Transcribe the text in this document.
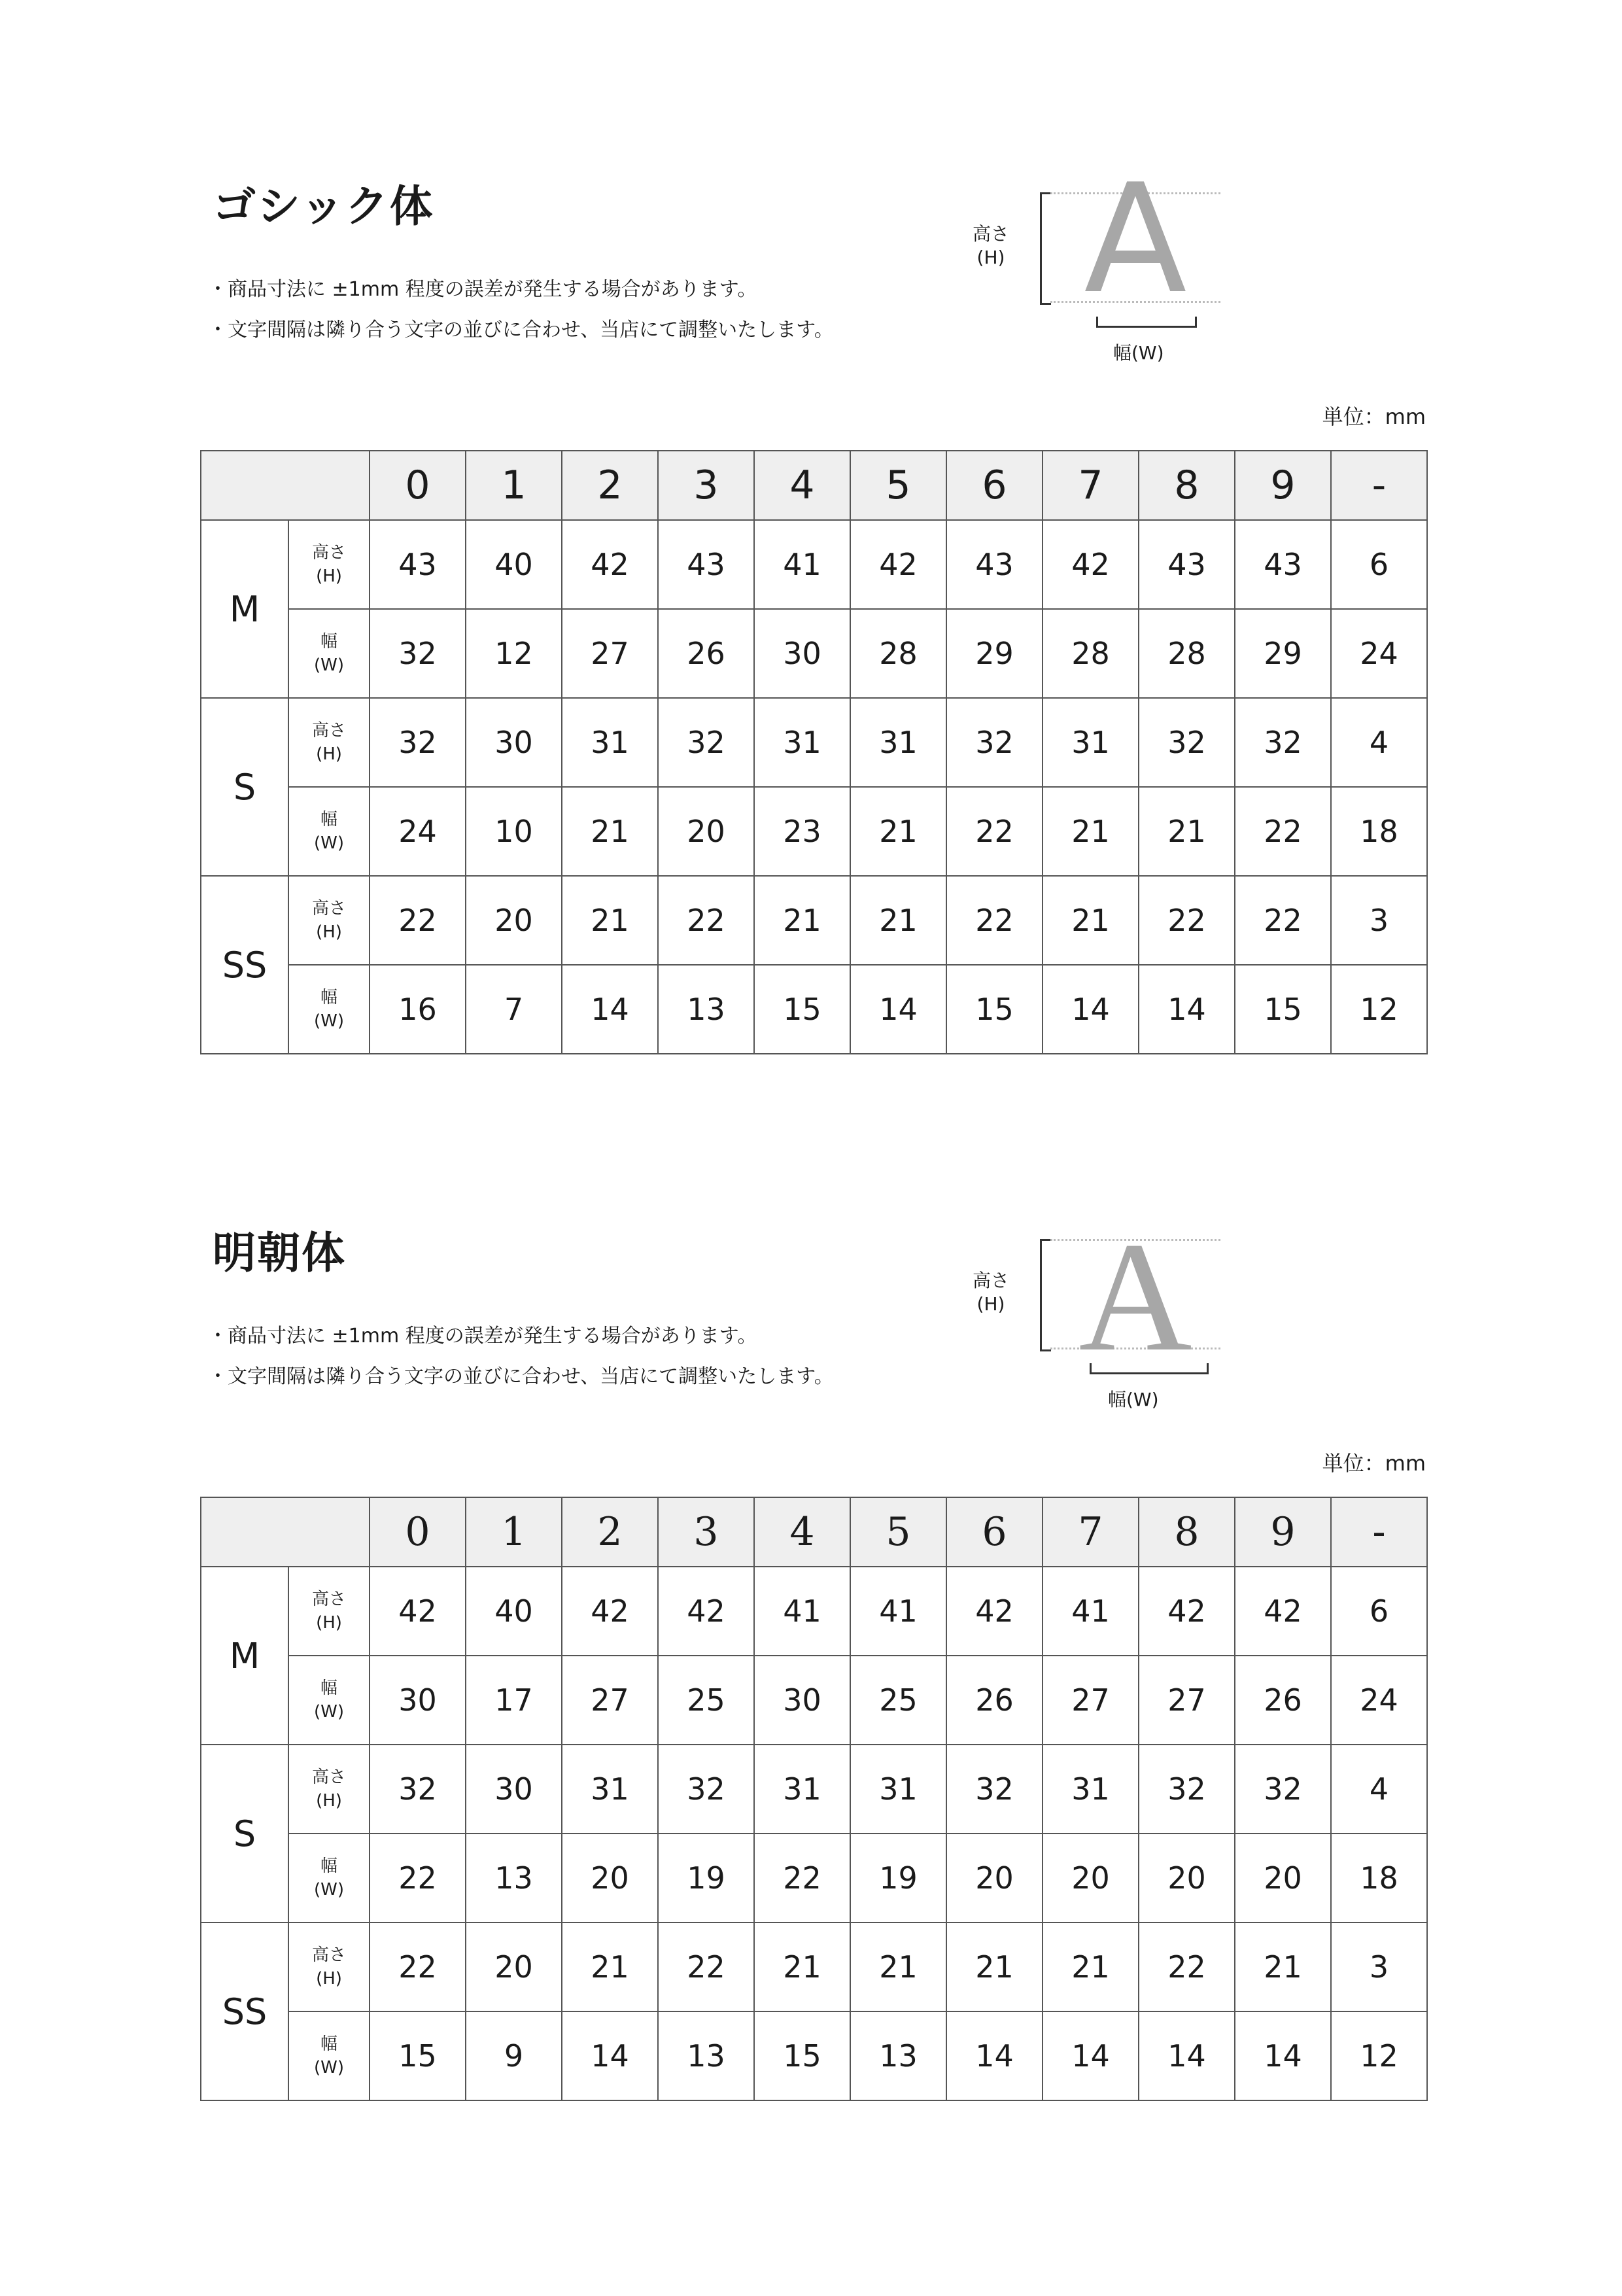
ゴシック体
・商品寸法に ±1mm 程度の誤差が発生する場合があります。
・文字間隔は隣り合う文字の並びに合わせ、当店にて調整いたします。
高さ
(H) A
幅(W)
単位：mm
		0	1	2	3	4	5	6	7	8	9	-
M	高さ
(H)	43	40	42	43	41	42	43	42	43	43	6

	幅
(W)	32	12	27	26	30	28	29	28	28	29	24
S	高さ
(H)	32	30	31	32	31	31	32	31	32	32	4

	幅
(W)	24	10	21	20	23	21	22	21	21	22	18
SS	高さ
(H)	22	20	21	22	21	21	22	21	22	22	3

	幅
(W)	16	7	14	13	15	14	15	14	14	15	12
明朝体
・商品寸法に ±1mm 程度の誤差が発生する場合があります。
・文字間隔は隣り合う文字の並びに合わせ、当店にて調整いたします。
高さ
(H) A
幅(W)
単位：mm
		0	1	2	3	4	5	6	7	8	9	-
M	高さ
(H)	42	40	42	42	41	41	42	41	42	42	6

	幅
(W)	30	17	27	25	30	25	26	27	27	26	24
S	高さ
(H)	32	30	31	32	31	31	32	31	32	32	4

	幅
(W)	22	13	20	19	22	19	20	20	20	20	18
SS	高さ
(H)	22	20	21	22	21	21	21	21	22	21	3

	幅
(W)	15	9	14	13	15	13	14	14	14	14	12
